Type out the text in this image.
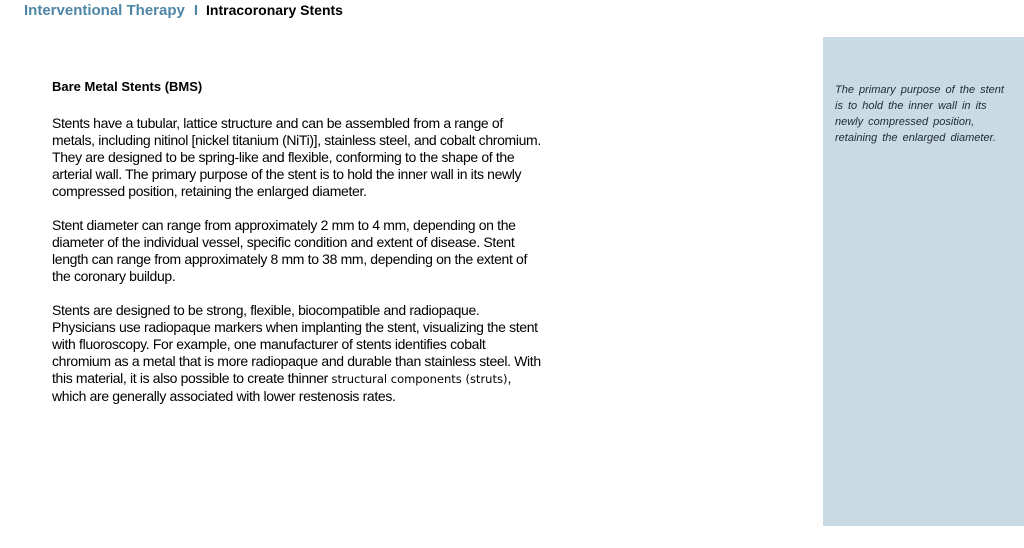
Interventional Therapy I Intracoronary Stents
Bare Metal Stents (BMS)

Stents have a tubular, lattice structure and can be assembled from a range of metals, including nitinol [nickel titanium (NiTi)], stainless steel, and cobalt chromium. They are designed to be spring-like and flexible, conforming to the shape of the arterial wall. The primary purpose of the stent is to hold the inner wall in its newly compressed position, retaining the enlarged diameter.

Stent diameter can range from approximately 2 mm to 4 mm, depending on the diameter of the individual vessel, specific condition and extent of disease. Stent length can range from approximately 8 mm to 38 mm, depending on the extent of the coronary buildup.

Stents are designed to be strong, flexible, biocompatible and radiopaque. Physicians use radiopaque markers when implanting the stent, visualizing the stent with fluoroscopy. For example, one manufacturer of stents identifies cobalt chromium as a metal that is more radiopaque and durable than stainless steel. With this material, it is also possible to create thinner structural components (struts), which are generally associated with lower restenosis rates.

The primary purpose of the stent is to hold the inner wall in its newly compressed position, retaining the enlarged diameter.
